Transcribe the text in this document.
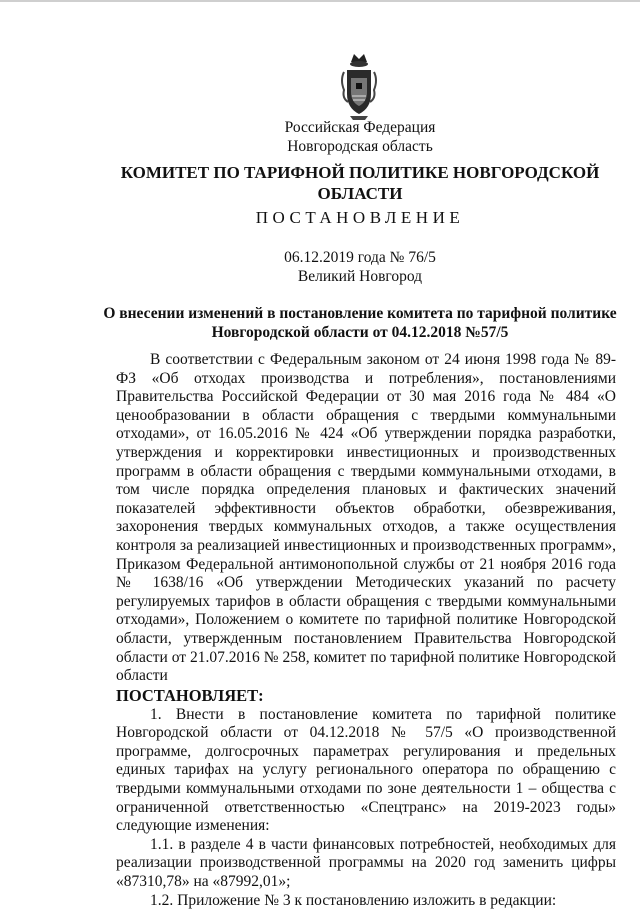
Российская Федерация
Новгородская область
КОМИТЕТ ПО ТАРИФНОЙ ПОЛИТИКЕ НОВГОРОДСКОЙ
ОБЛАСТИ
ПОСТАНОВЛЕНИЕ
06.12.2019 года № 76/5
Великий Новгород
О внесении изменений в постановление комитета по тарифной политике
Новгородской области от 04.12.2018 №57/5

В соответствии с Федеральным законом от 24 июня 1998 года № 89-ФЗ «Об отходах производства и потребления», постановлениями Правительства Российской Федерации от 30 мая 2016 года № 484 «О ценообразовании в области обращения с твердыми коммунальными отходами», от 16.05.2016 № 424 «Об утверждении порядка разработки, утверждения и корректировки инвестиционных и производственных программ в области обращения с твердыми коммунальными отходами, в том числе порядка определения плановых и фактических значений показателей эффективности объектов обработки, обезвреживания, захоронения твердых коммунальных отходов, а также осуществления контроля за реализацией инвестиционных и производственных программ», Приказом Федеральной антимонопольной службы от 21 ноября 2016 года № 1638/16 «Об утверждении Методических указаний по расчету регулируемых тарифов в области обращения с твердыми коммунальными отходами», Положением о комитете по тарифной политике Новгородской области, утвержденным постановлением Правительства Новгородской области от 21.07.2016 № 258, комитет по тарифной политике Новгородской области

ПОСТАНОВЛЯЕТ:

1. Внести в постановление комитета по тарифной политике Новгородской области от 04.12.2018 № 57/5 «О производственной программе, долгосрочных параметрах регулирования и предельных единых тарифах на услугу регионального оператора по обращению с твердыми коммунальными отходами по зоне деятельности 1 – общества с ограниченной ответственностью «Спецтранс» на 2019-2023 годы» следующие изменения:

1.1. в разделе 4 в части финансовых потребностей, необходимых для реализации производственной программы на 2020 год заменить цифры «87310,78» на «87992,01»;

1.2. Приложение № 3 к постановлению изложить в редакции:
